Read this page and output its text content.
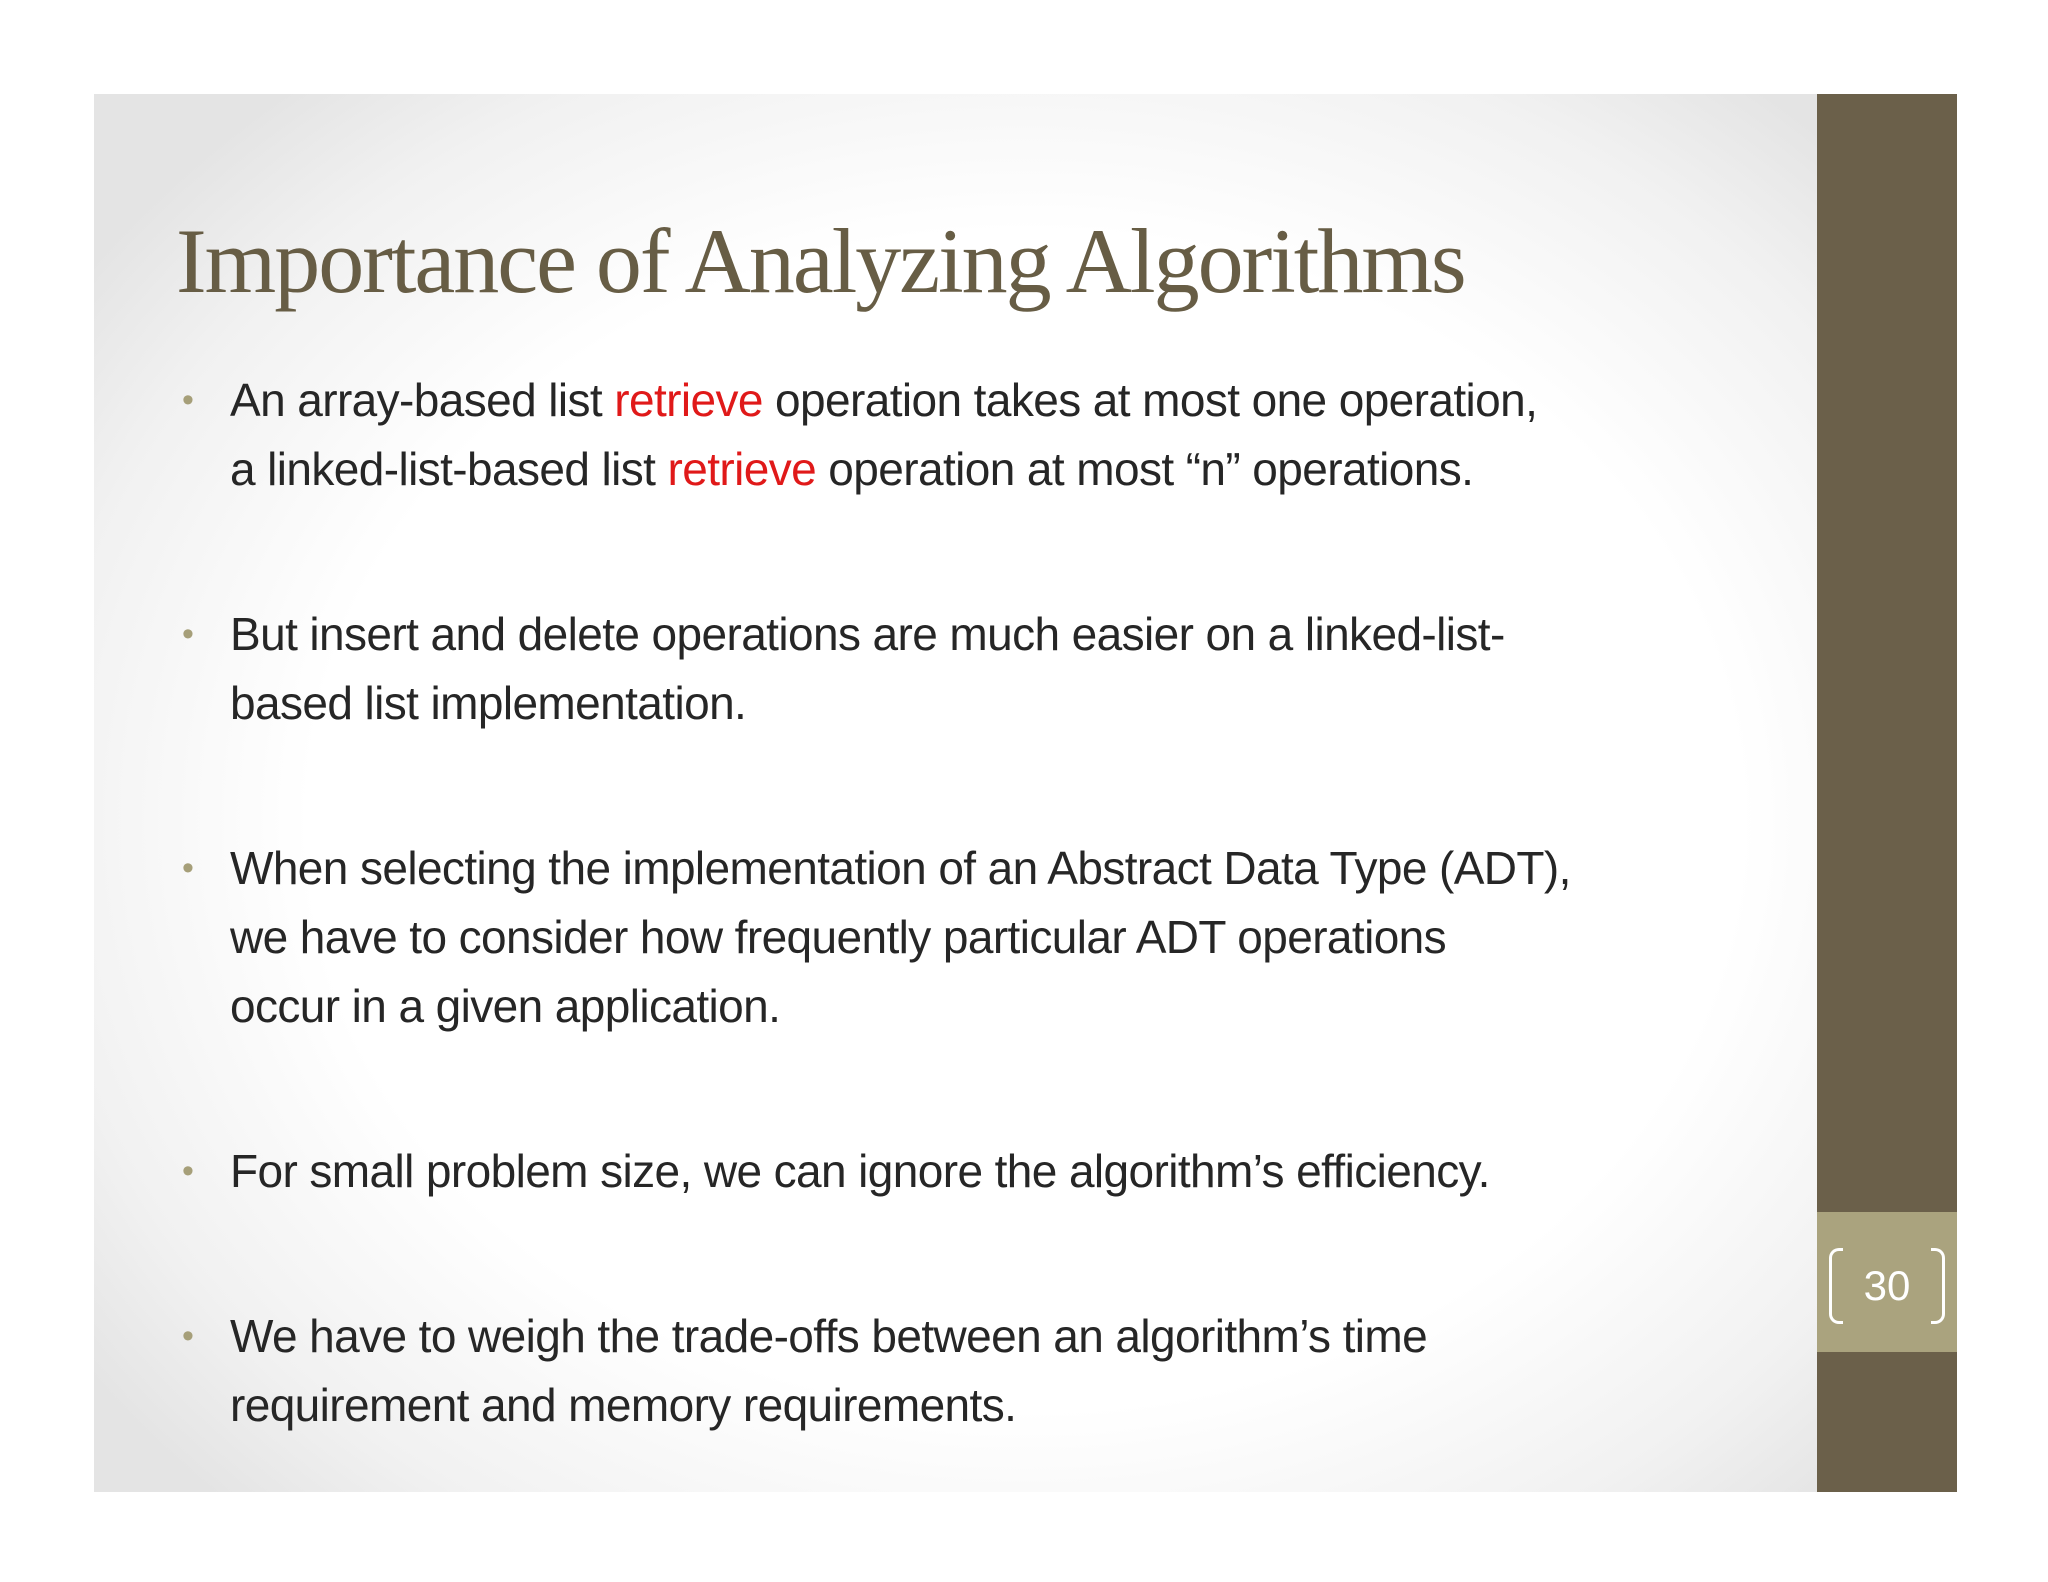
Importance of Analyzing Algorithms
• An array-based list retrieve operation takes at most one operation,
a linked-list-based list retrieve operation at most “n” operations.
• But insert and delete operations are much easier on a linked-list-
based list implementation.
• When selecting the implementation of an Abstract Data Type (ADT),
we have to consider how frequently particular ADT operations
occur in a given application.
• For small problem size, we can ignore the algorithm’s efficiency.
• We have to weigh the trade-offs between an algorithm’s time
requirement and memory requirements.
30
